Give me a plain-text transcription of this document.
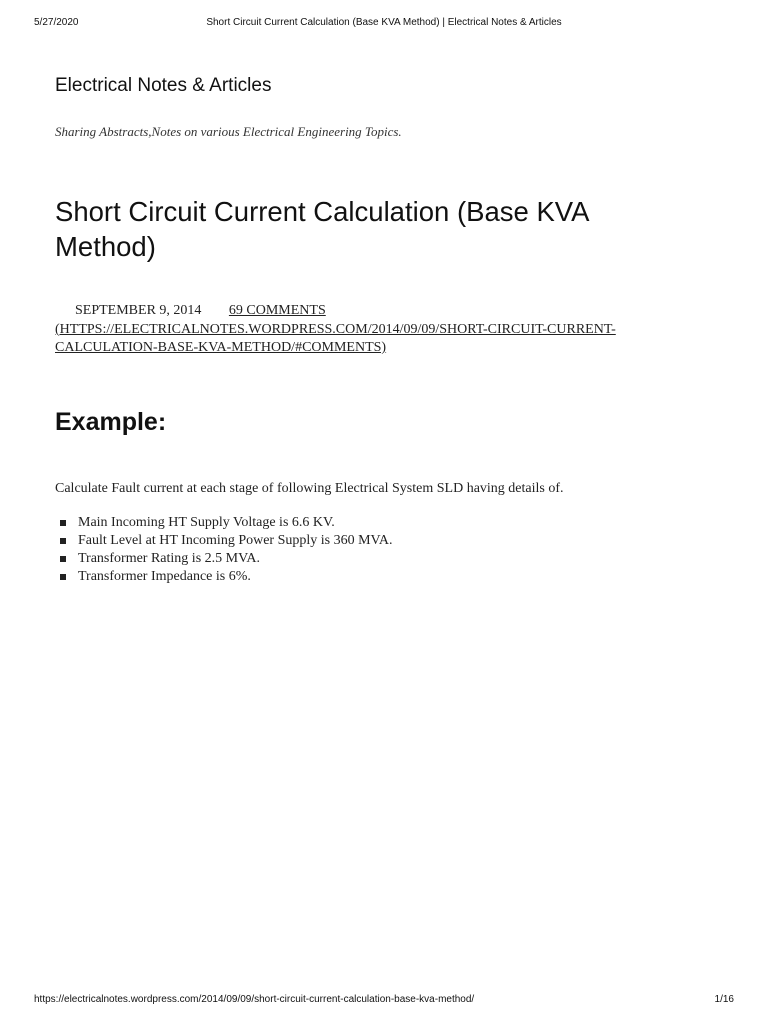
5/27/2020	Short Circuit Current Calculation (Base KVA Method) | Electrical Notes & Articles
Electrical Notes & Articles
Sharing Abstracts,Notes on various Electrical Engineering Topics.
Short Circuit Current Calculation (Base KVA Method)
SEPTEMBER 9, 2014 69 COMMENTS
(HTTPS://ELECTRICALNOTES.WORDPRESS.COM/2014/09/09/SHORT-CIRCUIT-CURRENT-CALCULATION-BASE-KVA-METHOD/#COMMENTS)
Example:

Calculate Fault current at each stage of following Electrical System SLD having details of.

Main Incoming HT Supply Voltage is 6.6 KV.
Fault Level at HT Incoming Power Supply is 360 MVA.
Transformer Rating is 2.5 MVA.
Transformer Impedance is 6%.
https://electricalnotes.wordpress.com/2014/09/09/short-circuit-current-calculation-base-kva-method/	1/16
